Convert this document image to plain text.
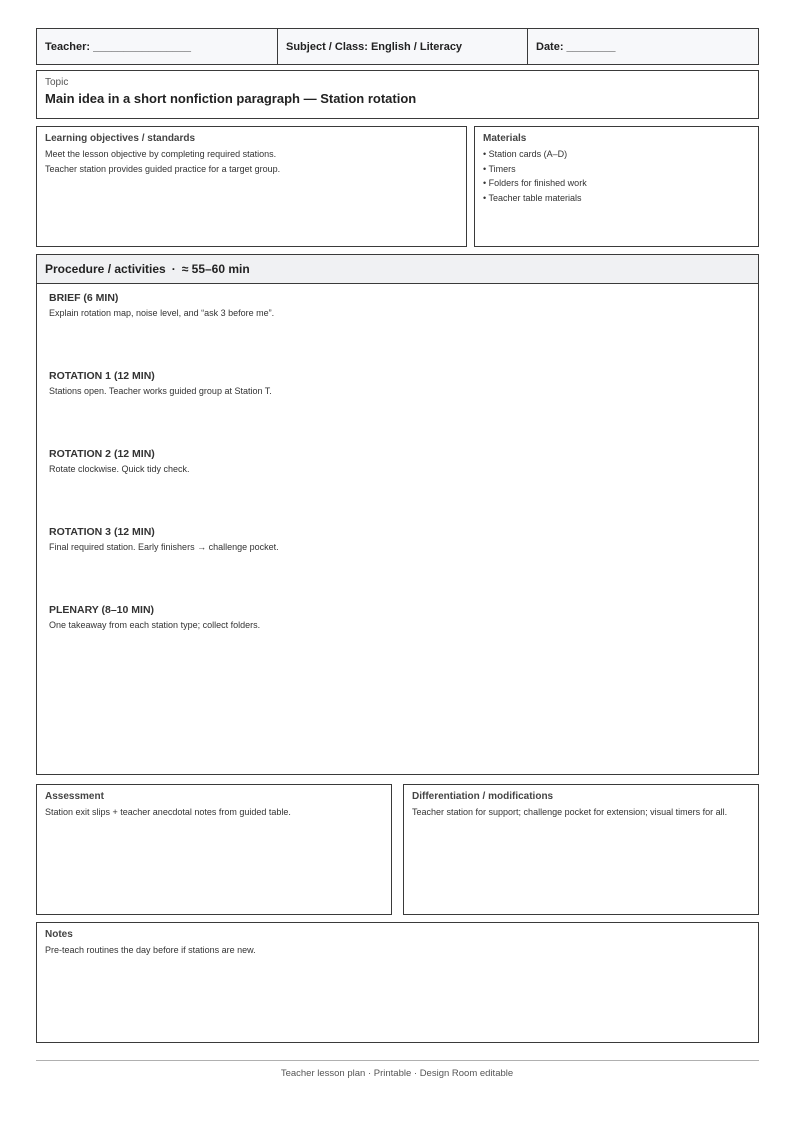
Teacher: ________________	Subject / Class: English / Literacy	Date: ________
Topic
Main idea in a short nonfiction paragraph — Station rotation
Learning objectives / standards
Meet the lesson objective by completing required stations.
Teacher station provides guided practice for a target group.
Materials
• Station cards (A–D)
• Timers
• Folders for finished work
• Teacher table materials
Procedure / activities · ≈ 55–60 min
BRIEF (6 MIN)
Explain rotation map, noise level, and “ask 3 before me”.
ROTATION 1 (12 MIN)
Stations open. Teacher works guided group at Station T.
ROTATION 2 (12 MIN)
Rotate clockwise. Quick tidy check.
ROTATION 3 (12 MIN)
Final required station. Early finishers → challenge pocket.
PLENARY (8–10 MIN)
One takeaway from each station type; collect folders.
Assessment
Station exit slips + teacher anecdotal notes from guided table.
Differentiation / modifications
Teacher station for support; challenge pocket for extension; visual timers for all.
Notes
Pre-teach routines the day before if stations are new.
Teacher lesson plan · Printable · Design Room editable
